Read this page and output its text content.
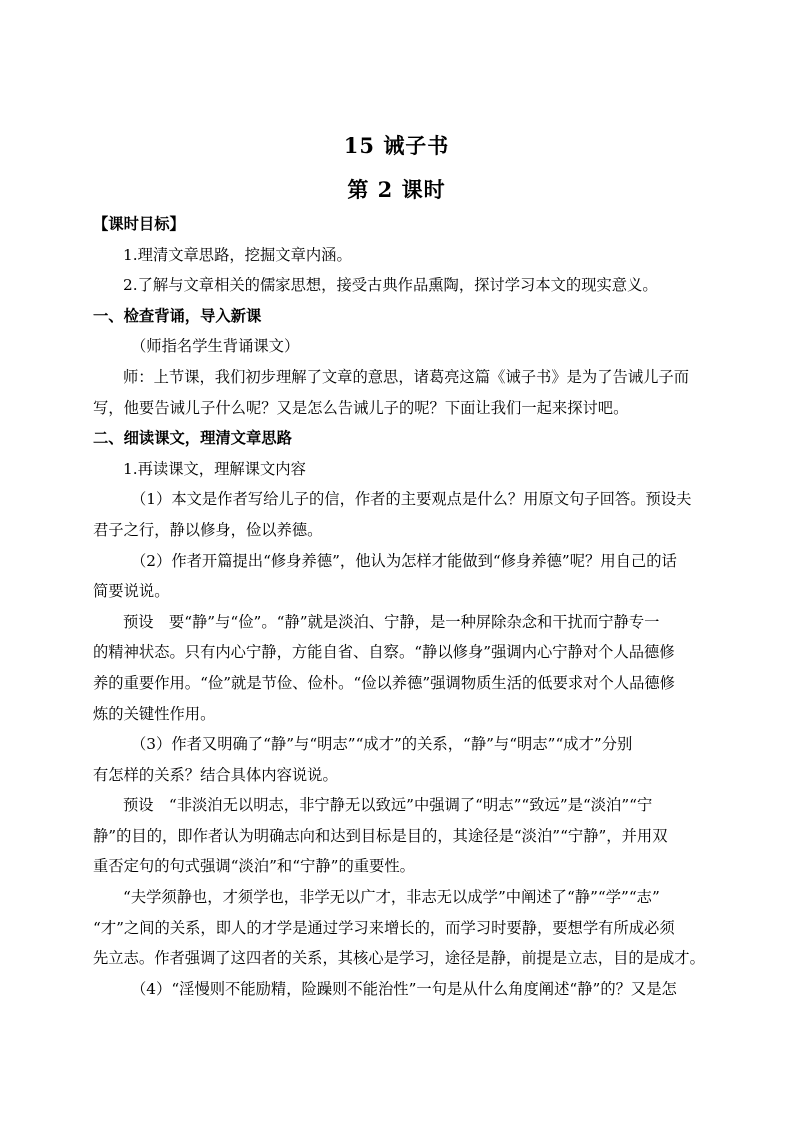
15 诫子书
第 2 课时
【课时目标】
1.理清文章思路，挖掘文章内涵。
2.了解与文章相关的儒家思想，接受古典作品熏陶，探讨学习本文的现实意义。
一、检查背诵，导入新课
（师指名学生背诵课文）
师：上节课，我们初步理解了文章的意思，诸葛亮这篇《诫子书》是为了告诫儿子而
写，他要告诫儿子什么呢？又是怎么告诫儿子的呢？下面让我们一起来探讨吧。
二、细读课文，理清文章思路
1.再读课文，理解课文内容
（1）本文是作者写给儿子的信，作者的主要观点是什么？用原文句子回答。预设夫
君子之行，静以修身，俭以养德。
（2）作者开篇提出“修身养德”，他认为怎样才能做到“修身养德”呢？用自己的话
简要说说。
预设　要“静”与“俭”。“静”就是淡泊、宁静，是一种屏除杂念和干扰而宁静专一
的精神状态。只有内心宁静，方能自省、自察。“静以修身”强调内心宁静对个人品德修
养的重要作用。“俭”就是节俭、俭朴。“俭以养德”强调物质生活的低要求对个人品德修
炼的关键性作用。
（3）作者又明确了“静”与“明志”“成才”的关系，“静”与“明志”“成才”分别
有怎样的关系？结合具体内容说说。
预设　“非淡泊无以明志，非宁静无以致远”中强调了“明志”“致远”是“淡泊”“宁
静”的目的，即作者认为明确志向和达到目标是目的，其途径是“淡泊”“宁静”，并用双
重否定句的句式强调“淡泊”和“宁静”的重要性。
“夫学须静也，才须学也，非学无以广才，非志无以成学”中阐述了“静”“学”“志”
“才”之间的关系，即人的才学是通过学习来增长的，而学习时要静，要想学有所成必须
先立志。作者强调了这四者的关系，其核心是学习，途径是静，前提是立志，目的是成才。
（4）“淫慢则不能励精，险躁则不能治性”一句是从什么角度阐述“静”的？又是怎
